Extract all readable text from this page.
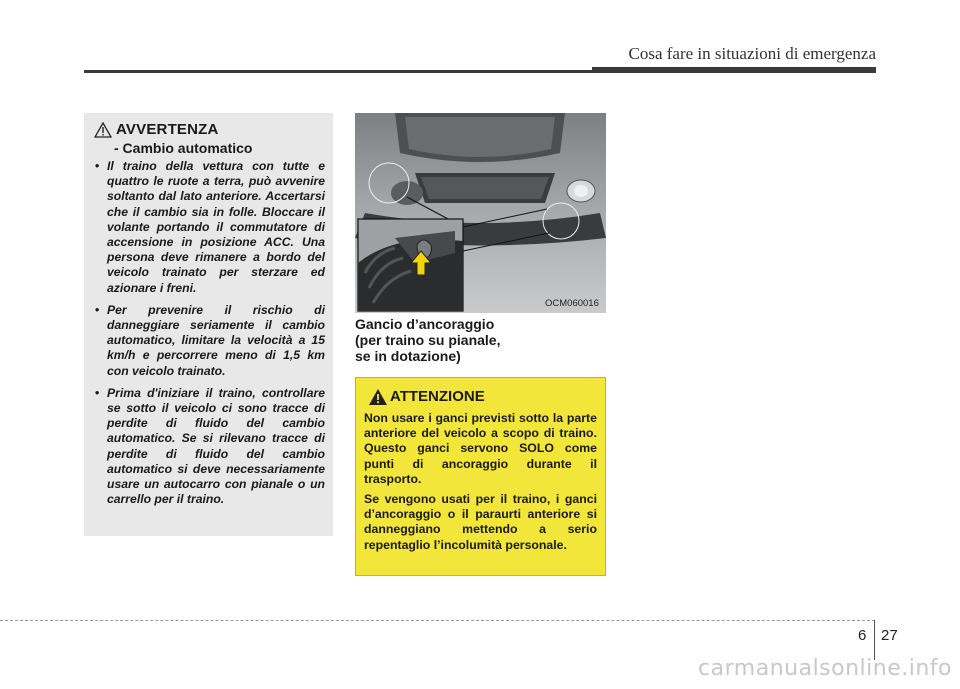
Cosa fare in situazioni di emergenza
AVVERTENZA
- Cambio automatico
• Il traino della vettura con tutte e quattro le ruote a terra, può avvenire soltanto dal lato anteriore. Accertarsi che il cambio sia in folle. Bloccare il volante portando il commutatore di accensione in posizione ACC. Una persona deve rimanere a bordo del veicolo trainato per sterzare ed azionare i freni.
• Per prevenire il rischio di danneggiare seriamente il cambio automatico, limitare la velocità a 15 km/h e percorrere meno di 1,5 km con veicolo trainato.
• Prima d'iniziare il traino, controllare se sotto il veicolo ci sono tracce di perdite di fluido del cambio automatico. Se si rilevano tracce di perdite di fluido del cambio automatico si deve necessariamente usare un autocarro con pianale o un carrello per il traino.
OCM060016
Gancio d’ancoraggio
(per traino su pianale,
se in dotazione)
ATTENZIONE

Non usare i ganci previsti sotto la parte anteriore del veicolo a scopo di traino. Questo ganci servono SOLO come punti di ancoraggio durante il trasporto.

Se vengono usati per il traino, i ganci d’ancoraggio o il paraurti anteriore si danneggiano mettendo a serio repentaglio l’incolumità personale.

6 27
carmanualsonline.info
